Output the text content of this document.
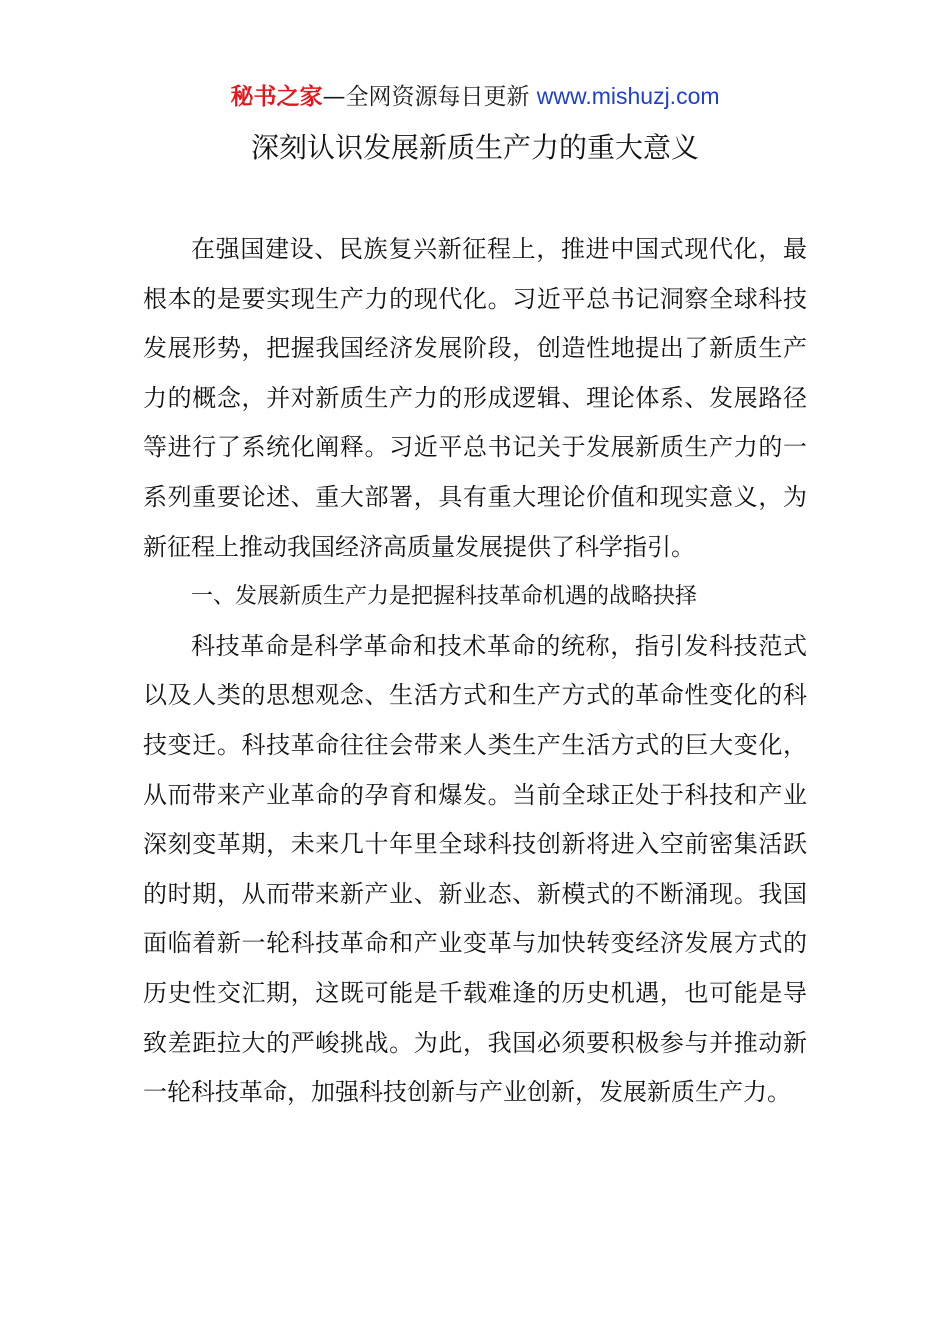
秘书之家—全网资源每日更新 www.mishuzj.com
深刻认识发展新质生产力的重大意义

在强国建设、民族复兴新征程上，推进中国式现代化，最根本的是要实现生产力的现代化。习近平总书记洞察全球科技发展形势，把握我国经济发展阶段，创造性地提出了新质生产力的概念，并对新质生产力的形成逻辑、理论体系、发展路径等进行了系统化阐释。习近平总书记关于发展新质生产力的一系列重要论述、重大部署，具有重大理论价值和现实意义，为新征程上推动我国经济高质量发展提供了科学指引。

一、发展新质生产力是把握科技革命机遇的战略抉择

科技革命是科学革命和技术革命的统称，指引发科技范式以及人类的思想观念、生活方式和生产方式的革命性变化的科技变迁。科技革命往往会带来人类生产生活方式的巨大变化，从而带来产业革命的孕育和爆发。当前全球正处于科技和产业深刻变革期，未来几十年里全球科技创新将进入空前密集活跃的时期，从而带来新产业、新业态、新模式的不断涌现。我国面临着新一轮科技革命和产业变革与加快转变经济发展方式的历史性交汇期，这既可能是千载难逢的历史机遇，也可能是导致差距拉大的严峻挑战。为此，我国必须要积极参与并推动新一轮科技革命，加强科技创新与产业创新，发展新质生产力。
